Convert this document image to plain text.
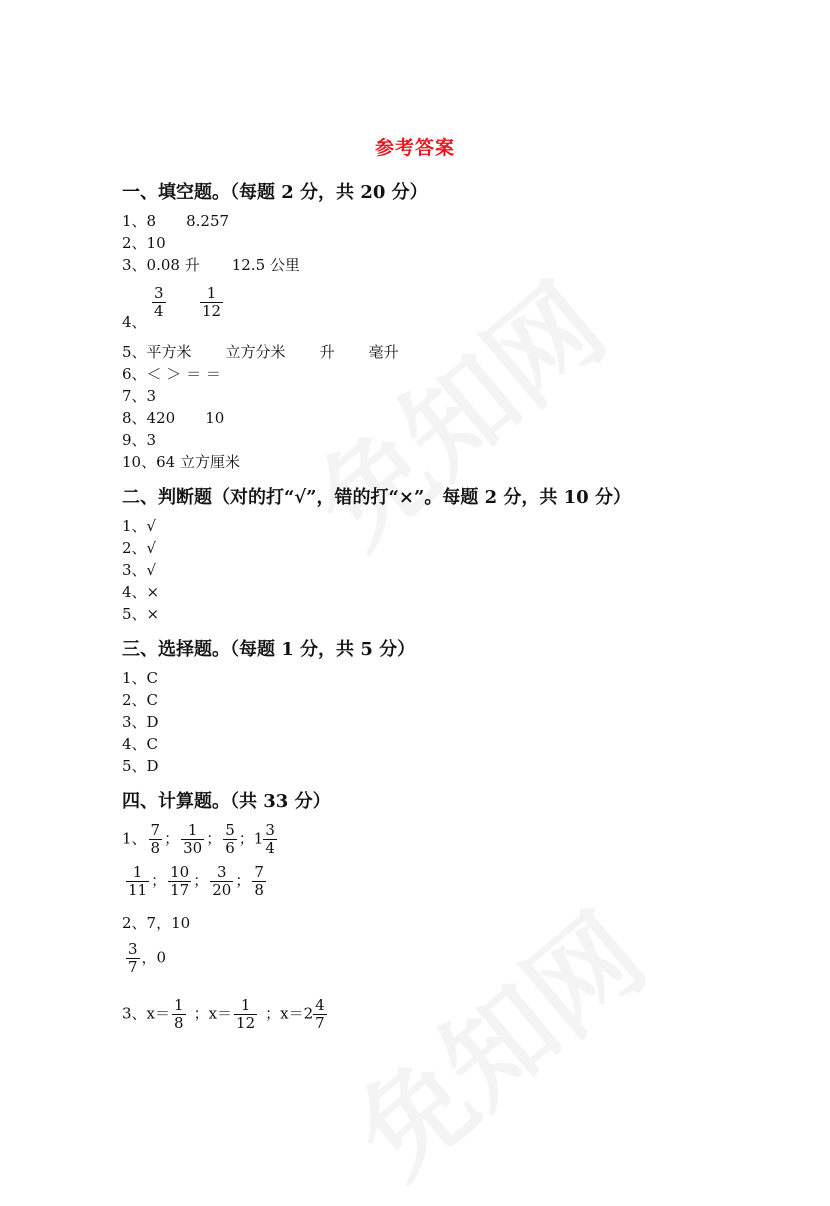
参考答案
一、填空题。（每题 2 分，共 20 分）
1、8 8.257
2、10
3、0.08 升 12.5 公里
4、
$\frac{3}{4} \frac{1}{12}$
5、平方米 立方分米 升 毫升
6、＜ ＞ ＝ ＝
7、3
8、420 10
9、3
10、64 立方厘米
二、判断题（对的打“√”，错的打“×”。每题 2 分，共 10 分）
1、√
2、√
3、√
4、×
5、×
三、选择题。（每题 1 分，共 5 分）
1、C
2、C
3、D
4、C
5、D
四、计算题。（共 33 分）
1、 $\frac{7}{8}$ ； $\frac{1}{30}$ ； $\frac{5}{6}$ ；$1 \frac{3}{4}$
$\frac{1}{11}$ ； $\frac{10}{17}$ ； $\frac{3}{20}$ ； $\frac{7}{8}$
2、7，10
$\frac{3}{7}$ ，0
3、$x= \frac{1}{8}$ ；$x= \frac{1}{12}$ ；$x=2 \frac{4}{7}$
